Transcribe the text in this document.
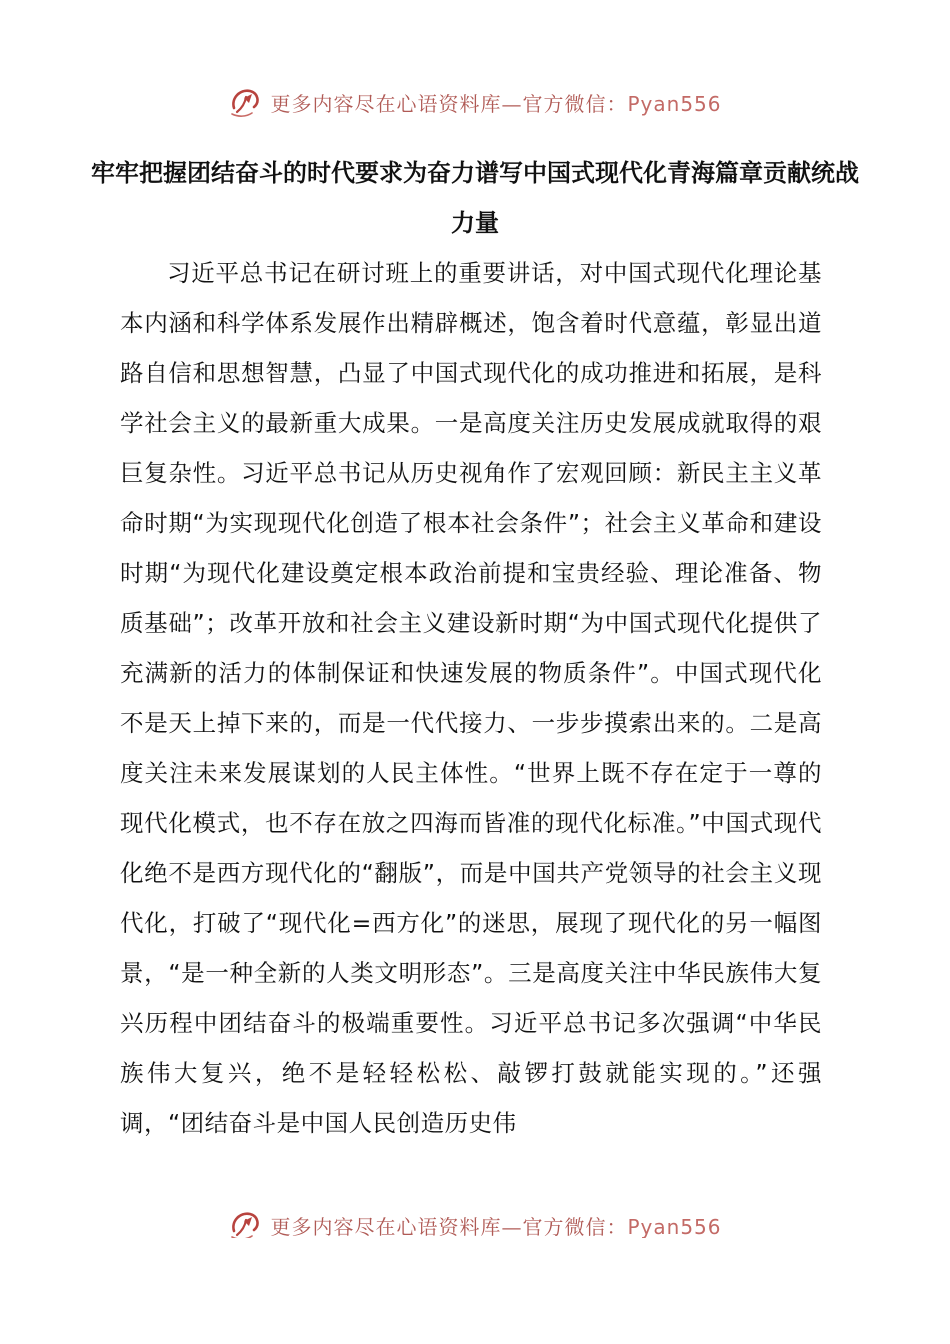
更多内容尽在心语资料库—官方微信：Pyan556
牢牢把握团结奋斗的时代要求为奋力谱写中国式现代化青海篇章贡献统战力量

习近平总书记在研讨班上的重要讲话，对中国式现代化理论基本内涵和科学体系发展作出精辟概述，饱含着时代意蕴，彰显出道路自信和思想智慧，凸显了中国式现代化的成功推进和拓展，是科学社会主义的最新重大成果。一是高度关注历史发展成就取得的艰巨复杂性。习近平总书记从历史视角作了宏观回顾：新民主主义革命时期“为实现现代化创造了根本社会条件”；社会主义革命和建设时期“为现代化建设奠定根本政治前提和宝贵经验、理论准备、物质基础”；改革开放和社会主义建设新时期“为中国式现代化提供了充满新的活力的体制保证和快速发展的物质条件”。中国式现代化不是天上掉下来的，而是一代代接力、一步步摸索出来的。二是高度关注未来发展谋划的人民主体性。“世界上既不存在定于一尊的现代化模式，也不存在放之四海而皆准的现代化标准。”中国式现代化绝不是西方现代化的“翻版”，而是中国共产党领导的社会主义现代化，打破了“现代化=西方化”的迷思，展现了现代化的另一幅图景，“是一种全新的人类文明形态”。三是高度关注中华民族伟大复兴历程中团结奋斗的极端重要性。习近平总书记多次强调“中华民族伟大复兴，绝不是轻轻松松、敲锣打鼓就能实现的。”还强调，“团结奋斗是中国人民创造历史伟

更多内容尽在心语资料库—官方微信：Pyan556
